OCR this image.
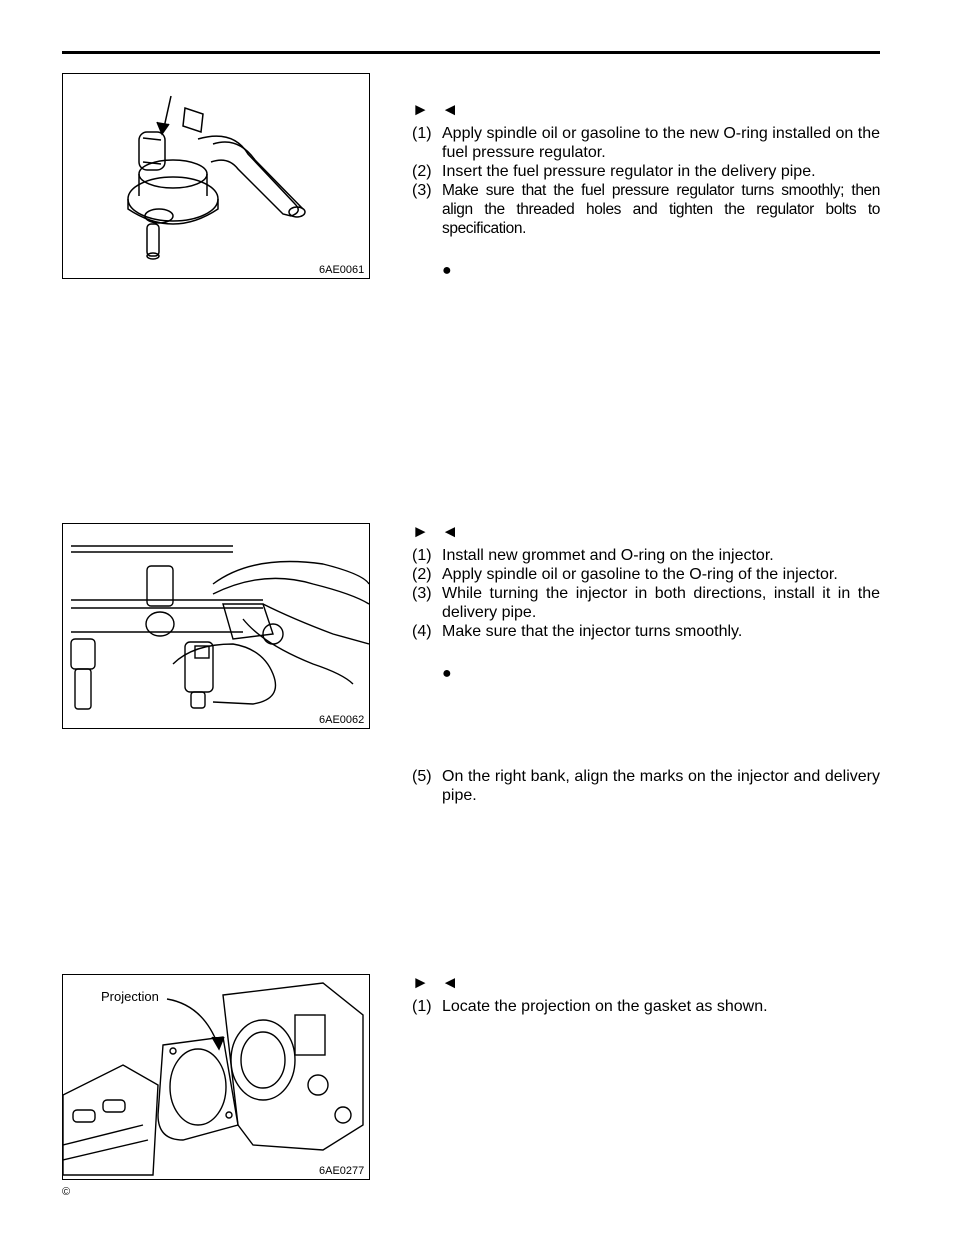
6AE0061
6AE0062
Projection
6AE0277
► ◄
(1) Apply spindle oil or gasoline to the new O-ring installed on the fuel pressure regulator.
(2) Insert the fuel pressure regulator in the delivery pipe.
(3) Make sure that the fuel pressure regulator turns smoothly; then align the threaded holes and tighten the regulator bolts to specification.
●
► ◄
(1) Install new grommet and O-ring on the injector.
(2) Apply spindle oil or gasoline to the O-ring of the injector.
(3) While turning the injector in both directions, install it in the delivery pipe.
(4) Make sure that the injector turns smoothly.
●
(5) On the right bank, align the marks on the injector and delivery pipe.
► ◄
(1) Locate the projection on the gasket as shown.
©
